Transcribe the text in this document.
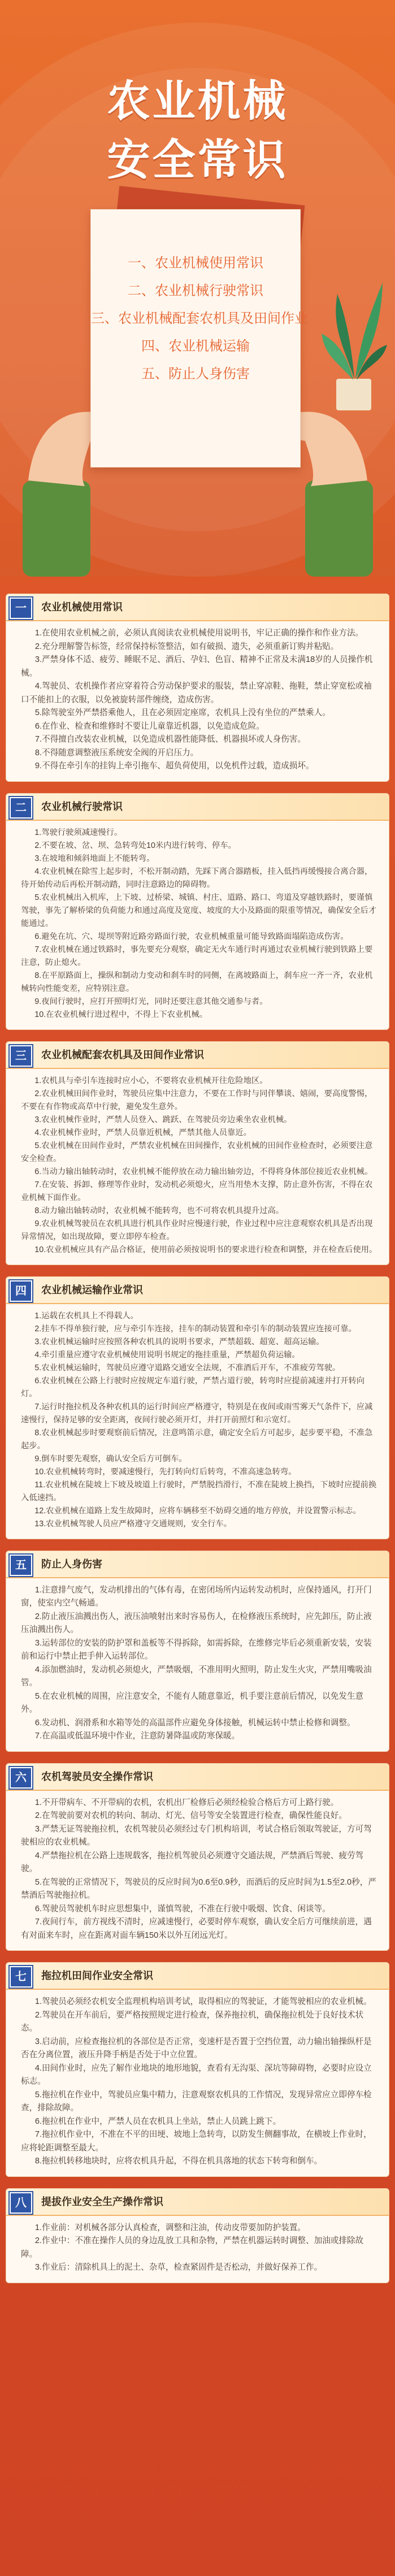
农业机械
安全常识
一、农业机械使用常识
二、农业机械行驶常识
三、农业机械配套农机具及田间作业
四、农业机械运输
五、防止人身伤害
一	农业机械使用常识

1.在使用农业机械之前，必须认真阅读农业机械使用说明书，牢记正确的操作和作业方法。

2.充分理解警告标签，经常保持标签整洁，如有破损、遗失，必须重新订购并粘贴。

3.严禁身体不适、疲劳、睡眠不足、酒后、孕妇、色盲、精神不正常及未满18岁的人员操作机械。

4.驾驶员、农机操作者应穿着符合劳动保护要求的服装，禁止穿凉鞋、拖鞋，禁止穿宽松或袖口不能扣上的衣服，以免被旋转部件缠绕，造成伤害。

5.除驾驶室外严禁搭乘他人，且在必须固定座席，农机具上没有坐位的严禁乘人。

6.在作业、检查和维修时不要让儿童靠近机器，以免造成危险。

7.不得擅自改装农业机械，以免造成机器性能降低、机器损坏或人身伤害。

8.不得随意调整液压系统安全阀的开启压力。

9.不得在牵引车的挂钩上牵引拖车、超负荷使用，以免机件过载，造成损坏。

二	农业机械行驶常识

1.驾驶行驶须减速慢行。

2.不要在坡、岔、坝、急转弯处10米内进行转弯、停车。

3.在坡地和倾斜地面上不能转弯。

4.农业机械在除雪上起步时，不松开制动踏，先踩下离合器踏板，挂入低挡再缓慢接合离合器，待开始传动后再松开制动踏，同时注意路边的障碍物。

5.农业机械出入机库，上下坡、过桥梁、城镇、村庄、道路、路口、弯道及穿越铁路时，要谨慎驾驶，事先了解桥梁的负荷能力和通过高度及宽度、坡度的大小及路面的限重等情况，确保安全后才能通过。

6.避免在坑、穴、堤坝等附近路旁路面行驶，农业机械重量可能导致路面塌陷造成伤害。

7.农业机械在通过铁路时，事先要充分观察，确定无火车通行时再通过农业机械行驶到铁路上要注意，防止熄火。

8.在平原路面上，操纵和制动力变动和刹车时的同侧，在离坡路面上，刹车应一齐一齐，农业机械转向性能变差，应特别注意。

9.夜间行驶时，应打开照明灯光，同时还要注意其他交通参与者。

10.在农业机械行进过程中，不得上下农业机械。

三	农业机械配套农机具及田间作业常识

1.农机具与牵引车连接时应小心，不要将农业机械开往危险地区。

2.农业机械田间作业时，驾驶员应集中注意力，不要在工作时与同伴攀谈、嬉闹，要高度警惕，不要在有作物或高草中行驶，避免发生意外。

3.农业机械作业时，严禁人员登入、跳跃、在驾驶员旁边乘坐农业机械。

4.农业机械作业时，严禁人员靠近机械，严禁其他人员靠近。

5.农业机械在田间作业时，严禁农业机械在田间操作，农业机械的田间作业检查时，必须要注意安全检查。

6.当动力输出轴转动时，农业机械不能停放在动力输出轴旁边，不得将身体部位接近农业机械。

7.在安装、拆卸、修理等作业时，发动机必须熄火，应当用垫木支撑，防止意外伤害，不得在农业机械下面作业。

8.动力输出轴转动时，农业机械不能转弯，也不可将农机具提升过高。

9.农业机械驾驶员在农机具进行机具作业时应慢速行驶，作业过程中应注意观察农机具是否出现异常情况，如出现故障，要立即停车检查。

10.农业机械应具有产品合格证，使用前必须按说明书的要求进行检查和调整，并在检查后使用。

四	农业机械运输作业常识

1.运载在农机具上不得载人。

2.挂车不得单独行驶，应与牵引车连接，挂车的制动装置和牵引车的制动装置应连接可靠。

3.农业机械运输时应按照各种农机具的说明书要求，严禁超载、超宽、超高运输。

4.牵引重量应遵守农业机械使用说明书规定的拖挂重量，严禁超负荷运输。

5.农业机械运输时，驾驶员应遵守道路交通安全法规，不准酒后开车，不准疲劳驾驶。

6.农业机械在公路上行驶时应按规定车道行驶，严禁占道行驶，转弯时应提前减速并打开转向灯。

7.运行时拖拉机及各种农机具的运行时间应严格遵守，特别是在夜间或雨雪雾天气条件下，应减速慢行，保持足够的安全距离，夜间行驶必须开灯，并打开前照灯和示宽灯。

8.农业机械起步时要观察前后情况，注意鸣笛示意，确定安全后方可起步，起步要平稳，不准急起步。

9.倒车时要先观察，确认安全后方可倒车。

10.农业机械转弯时，要减速慢行，先打转向灯后转弯，不准高速急转弯。

11.农业机械在陡坡上下坡及坡道上行驶时，严禁脱挡滑行，不准在陡坡上换挡，下坡时应提前换入低速挡。

12.农业机械在道路上发生故障时，应将车辆移至不妨碍交通的地方停放，并设置警示标志。

13.农业机械驾驶人员应严格遵守交通规则，安全行车。

五	防止人身伤害

1.注意排气废气，发动机排出的气体有毒，在密闭场所内运转发动机时，应保持通风，打开门窗，使室内空气畅通。

2.防止液压油溅出伤人，液压油喷射出来时容易伤人，在检修液压系统时，应先卸压，防止液压油溅出伤人。

3.运转部位的安装的防护罩和盖板等不得拆除，如需拆除，在维修完毕后必须重新安装，安装前和运行中禁止把手伸入运转部位。

4.添加燃油时，发动机必须熄火，严禁吸烟，不准用明火照明，防止发生火灾，严禁用嘴吸油管。

5.在农业机械的周围，应注意安全，不能有人随意靠近，机手要注意前后情况，以免发生意外。

6.发动机、润滑系和水箱等处的高温部件应避免身体接触，机械运转中禁止检修和调整。

7.在高温或低温环境中作业，注意防暑降温或防寒保暖。

六	农机驾驶员安全操作常识

1.不开带病车、不开带病的农机，农机出厂检修后必须经检验合格后方可上路行驶。

2.在驾驶前要对农机的转向、制动、灯光、信号等安全装置进行检查，确保性能良好。

3.严禁无证驾驶拖拉机，农机驾驶员必须经过专门机构培训，考试合格后领取驾驶证，方可驾驶相应的农业机械。

4.严禁拖拉机在公路上违规载客，拖拉机驾驶员必须遵守交通法规，严禁酒后驾驶、疲劳驾驶。

5.在驾驶的正常情况下，驾驶员的反应时间为0.6至0.9秒，而酒后的反应时间为1.5至2.0秒，严禁酒后驾驶拖拉机。

6.驾驶员驾驶机车时应思想集中，谨慎驾驶，不准在行驶中吸烟、饮食、闲谈等。

7.夜间行车，前方视线不清时，应减速慢行，必要时停车观察，确认安全后方可继续前进，遇有对面来车时，应在距离对面车辆150米以外互闭远光灯。

七	拖拉机田间作业安全常识

1.驾驶员必须经农机安全监理机构培训考试，取得相应的驾驶证，才能驾驶相应的农业机械。

2.驾驶员在开车前后，要严格按照规定进行检查，保养拖拉机，确保拖拉机处于良好技术状态。

3.启动前，应检查拖拉机的各部位是否正常，变速杆是否置于空挡位置，动力输出轴操纵杆是否在分离位置，液压升降手柄是否处于中立位置。

4.田间作业时，应先了解作业地块的地形地貌，查看有无沟渠、深坑等障碍物，必要时应设立标志。

5.拖拉机在作业中，驾驶员应集中精力，注意观察农机具的工作情况，发现异常应立即停车检查，排除故障。

6.拖拉机在作业中，严禁人员在农机具上坐站，禁止人员跳上跳下。

7.拖拉机作业中，不准在不平的田埂、坡地上急转弯，以防发生侧翻事故，在横坡上作业时，应将轮距调整至最大。

8.拖拉机转移地块时，应将农机具升起，不得在机具落地的状态下转弯和倒车。

八	提拔作业安全生产操作常识

1.作业前：对机械各部分认真检查，调整和注油，传动皮带要加防护装置。

2.作业中：不准在操作人员的身边乱放工具和杂物，严禁在机器运转时调整、加油或排除故障。

3.作业后：清除机具上的泥土、杂草，检查紧固件是否松动，并做好保养工作。
